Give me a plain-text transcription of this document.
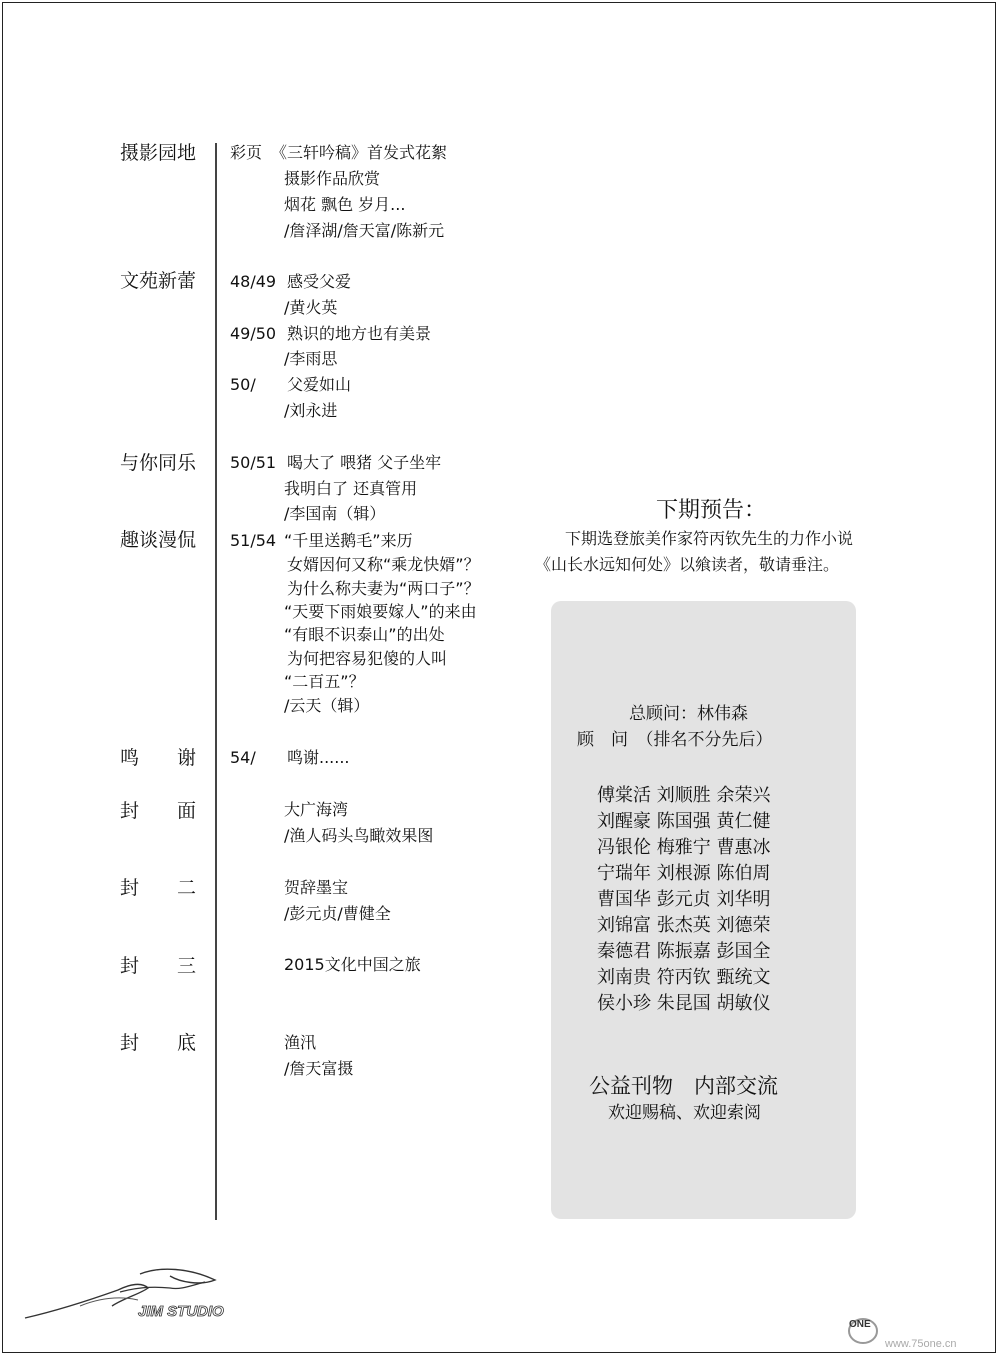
摄影园地
文苑新蕾
与你同乐
趣谈漫侃
鸣　　谢
封　　面
封　　二
封　　三
封　　底
彩页
48/49
49/50
50/
50/51
51/54
54/
《三轩吟稿》首发式花絮
摄影作品欣赏
烟花 飘色 岁月...
/詹泽湖/詹天富/陈新元
感受父爱
/黄火英
熟识的地方也有美景
/李雨思
父爱如山
/刘永进
喝大了 喂猪 父子坐牢
我明白了 还真管用
/李国南（辑）
“千里送鹅毛”来历
女婿因何又称“乘龙快婿”？
为什么称夫妻为“两口子”？
“天要下雨娘要嫁人”的来由
“有眼不识泰山”的出处
为何把容易犯傻的人叫
“二百五”？
/云天（辑）
鸣谢......
大广海湾
/渔人码头鸟瞰效果图
贺辞墨宝
/彭元贞/曹健全
2015文化中国之旅
渔汛
/詹天富摄
下期预告：
下期选登旅美作家符丙钦先生的力作小说
《山长水远知何处》以飨读者，敬请垂注。
总顾问：林伟森
顾　问　（排名不分先后）
傅棠活 刘顺胜 余荣兴
刘醒豪 陈国强 黄仁健
冯银伦 梅雅宁 曹惠冰
宁瑞年 刘根源 陈伯周
曹国华 彭元贞 刘华明
刘锦富 张杰英 刘德荣
秦德君 陈振嘉 彭国全
刘南贵 符丙钦 甄统文
侯小珍 朱昆国 胡敏仪
公益刊物　内部交流
欢迎赐稿、欢迎索阅
JIM STUDIO
ONE
www.75one.cn
